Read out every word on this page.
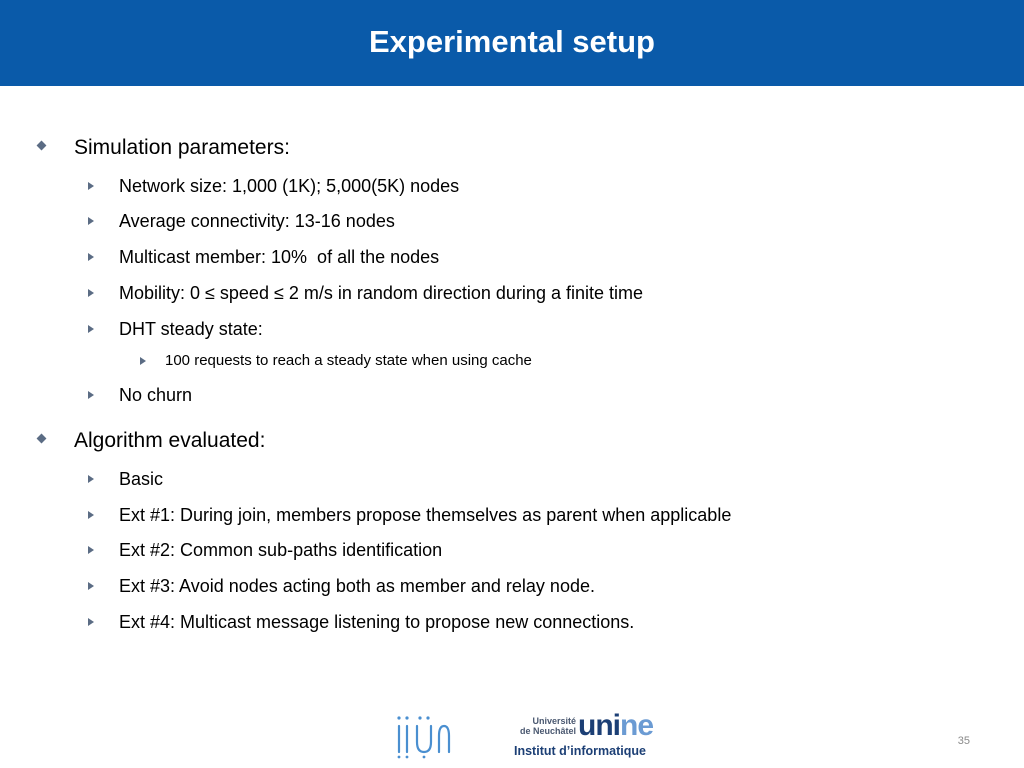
Experimental setup
Simulation parameters:
Network size: 1,000 (1K); 5,000(5K) nodes
Average connectivity: 13-16 nodes
Multicast member: 10%  of all the nodes
Mobility: 0 ≤ speed ≤ 2 m/s in random direction during a finite time
DHT steady state:
100 requests to reach a steady state when using cache
No churn
Algorithm evaluated:
Basic
Ext #1: During join, members propose themselves as parent when applicable
Ext #2: Common sub-paths identification
Ext #3: Avoid nodes acting both as member and relay node.
Ext #4: Multicast message listening to propose new connections.
Université
de Neuchâtel unine
Institut d’informatique
35
